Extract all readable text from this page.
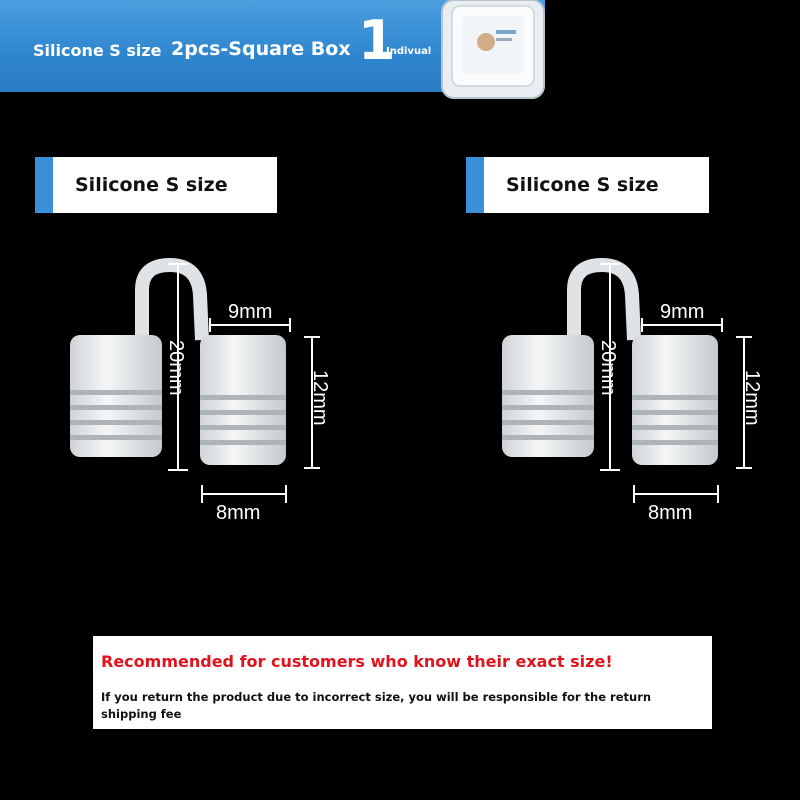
Silicone S size 2pcs-Square Box 1
Indivual
Silicone S size	Silicone S size
9mm
20mm
12mm
8mm
9mm
20mm
12mm
8mm
Recommended for customers who know their exact size!
If you return the product due to incorrect size, you will be responsible for the return shipping fee
